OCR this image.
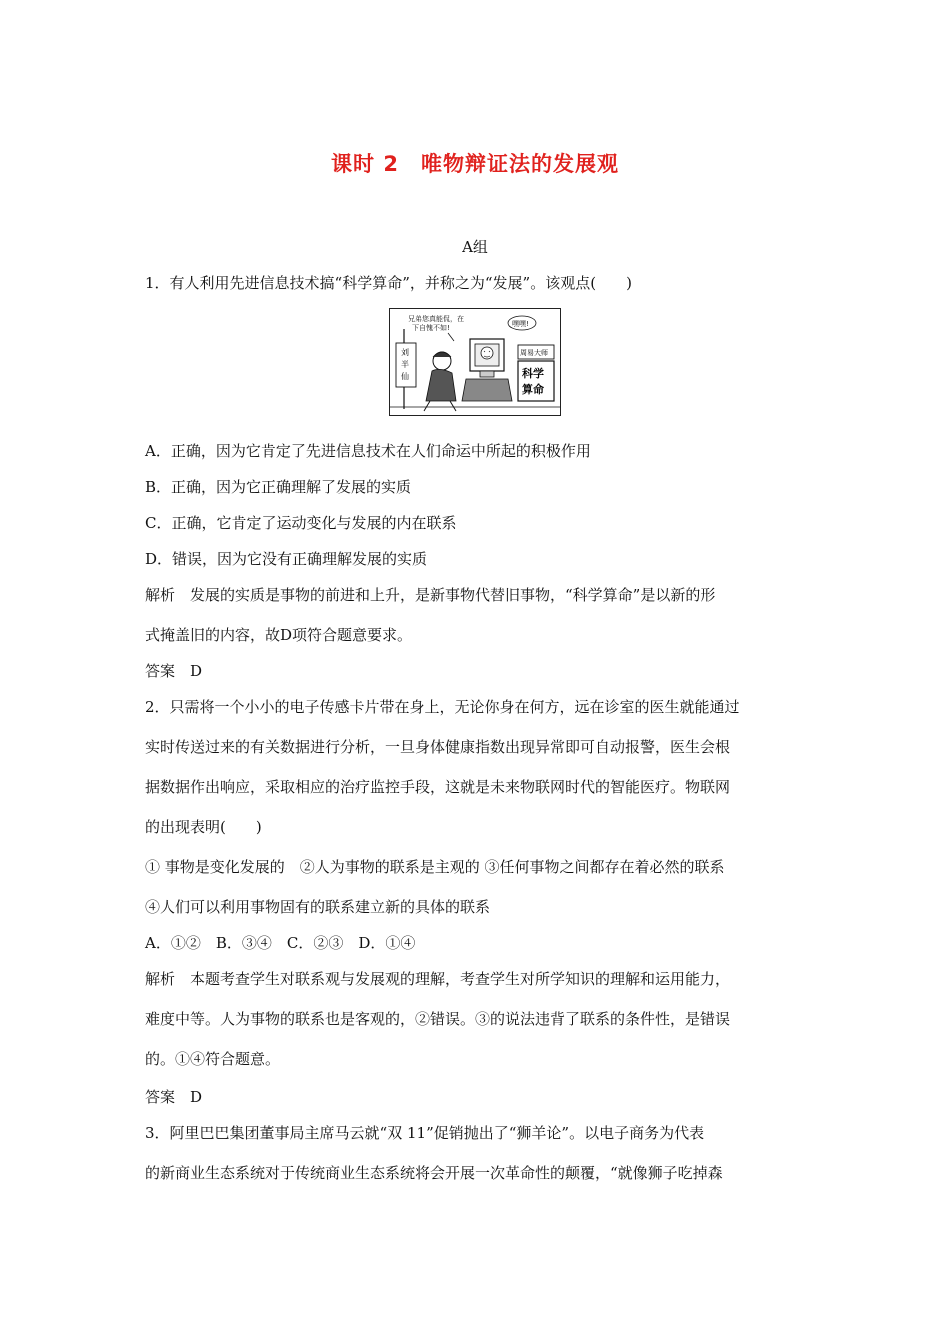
课时 2　唯物辩证法的发展观
A组
1．有人利用先进信息技术搞“科学算命”，并称之为“发展”。该观点(　　)
兄弟您真能侃，在
下自愧不如!	嘿嘿!
刘
半
仙
周易大师
科学
算命
A．正确，因为它肯定了先进信息技术在人们命运中所起的积极作用
B．正确，因为它正确理解了发展的实质
C．正确，它肯定了运动变化与发展的内在联系
D．错误，因为它没有正确理解发展的实质
解析　发展的实质是事物的前进和上升，是新事物代替旧事物，“科学算命”是以新的形
式掩盖旧的内容，故D项符合题意要求。
答案　D
2．只需将一个小小的电子传感卡片带在身上，无论你身在何方，远在诊室的医生就能通过
实时传送过来的有关数据进行分析，一旦身体健康指数出现异常即可自动报警，医生会根
据数据作出响应，采取相应的治疗监控手段，这就是未来物联网时代的智能医疗。物联网
的出现表明(　　)
① 事物是变化发展的　②人为事物的联系是主观的 ③任何事物之间都存在着必然的联系
④人们可以利用事物固有的联系建立新的具体的联系
A．①②　B．③④　C．②③　D．①④
解析　本题考查学生对联系观与发展观的理解，考查学生对所学知识的理解和运用能力，
难度中等。人为事物的联系也是客观的，②错误。③的说法违背了联系的条件性，是错误
的。①④符合题意。
答案　D
3．阿里巴巴集团董事局主席马云就“双 11”促销抛出了“狮羊论”。以电子商务为代表
的新商业生态系统对于传统商业生态系统将会开展一次革命性的颠覆，“就像狮子吃掉森
